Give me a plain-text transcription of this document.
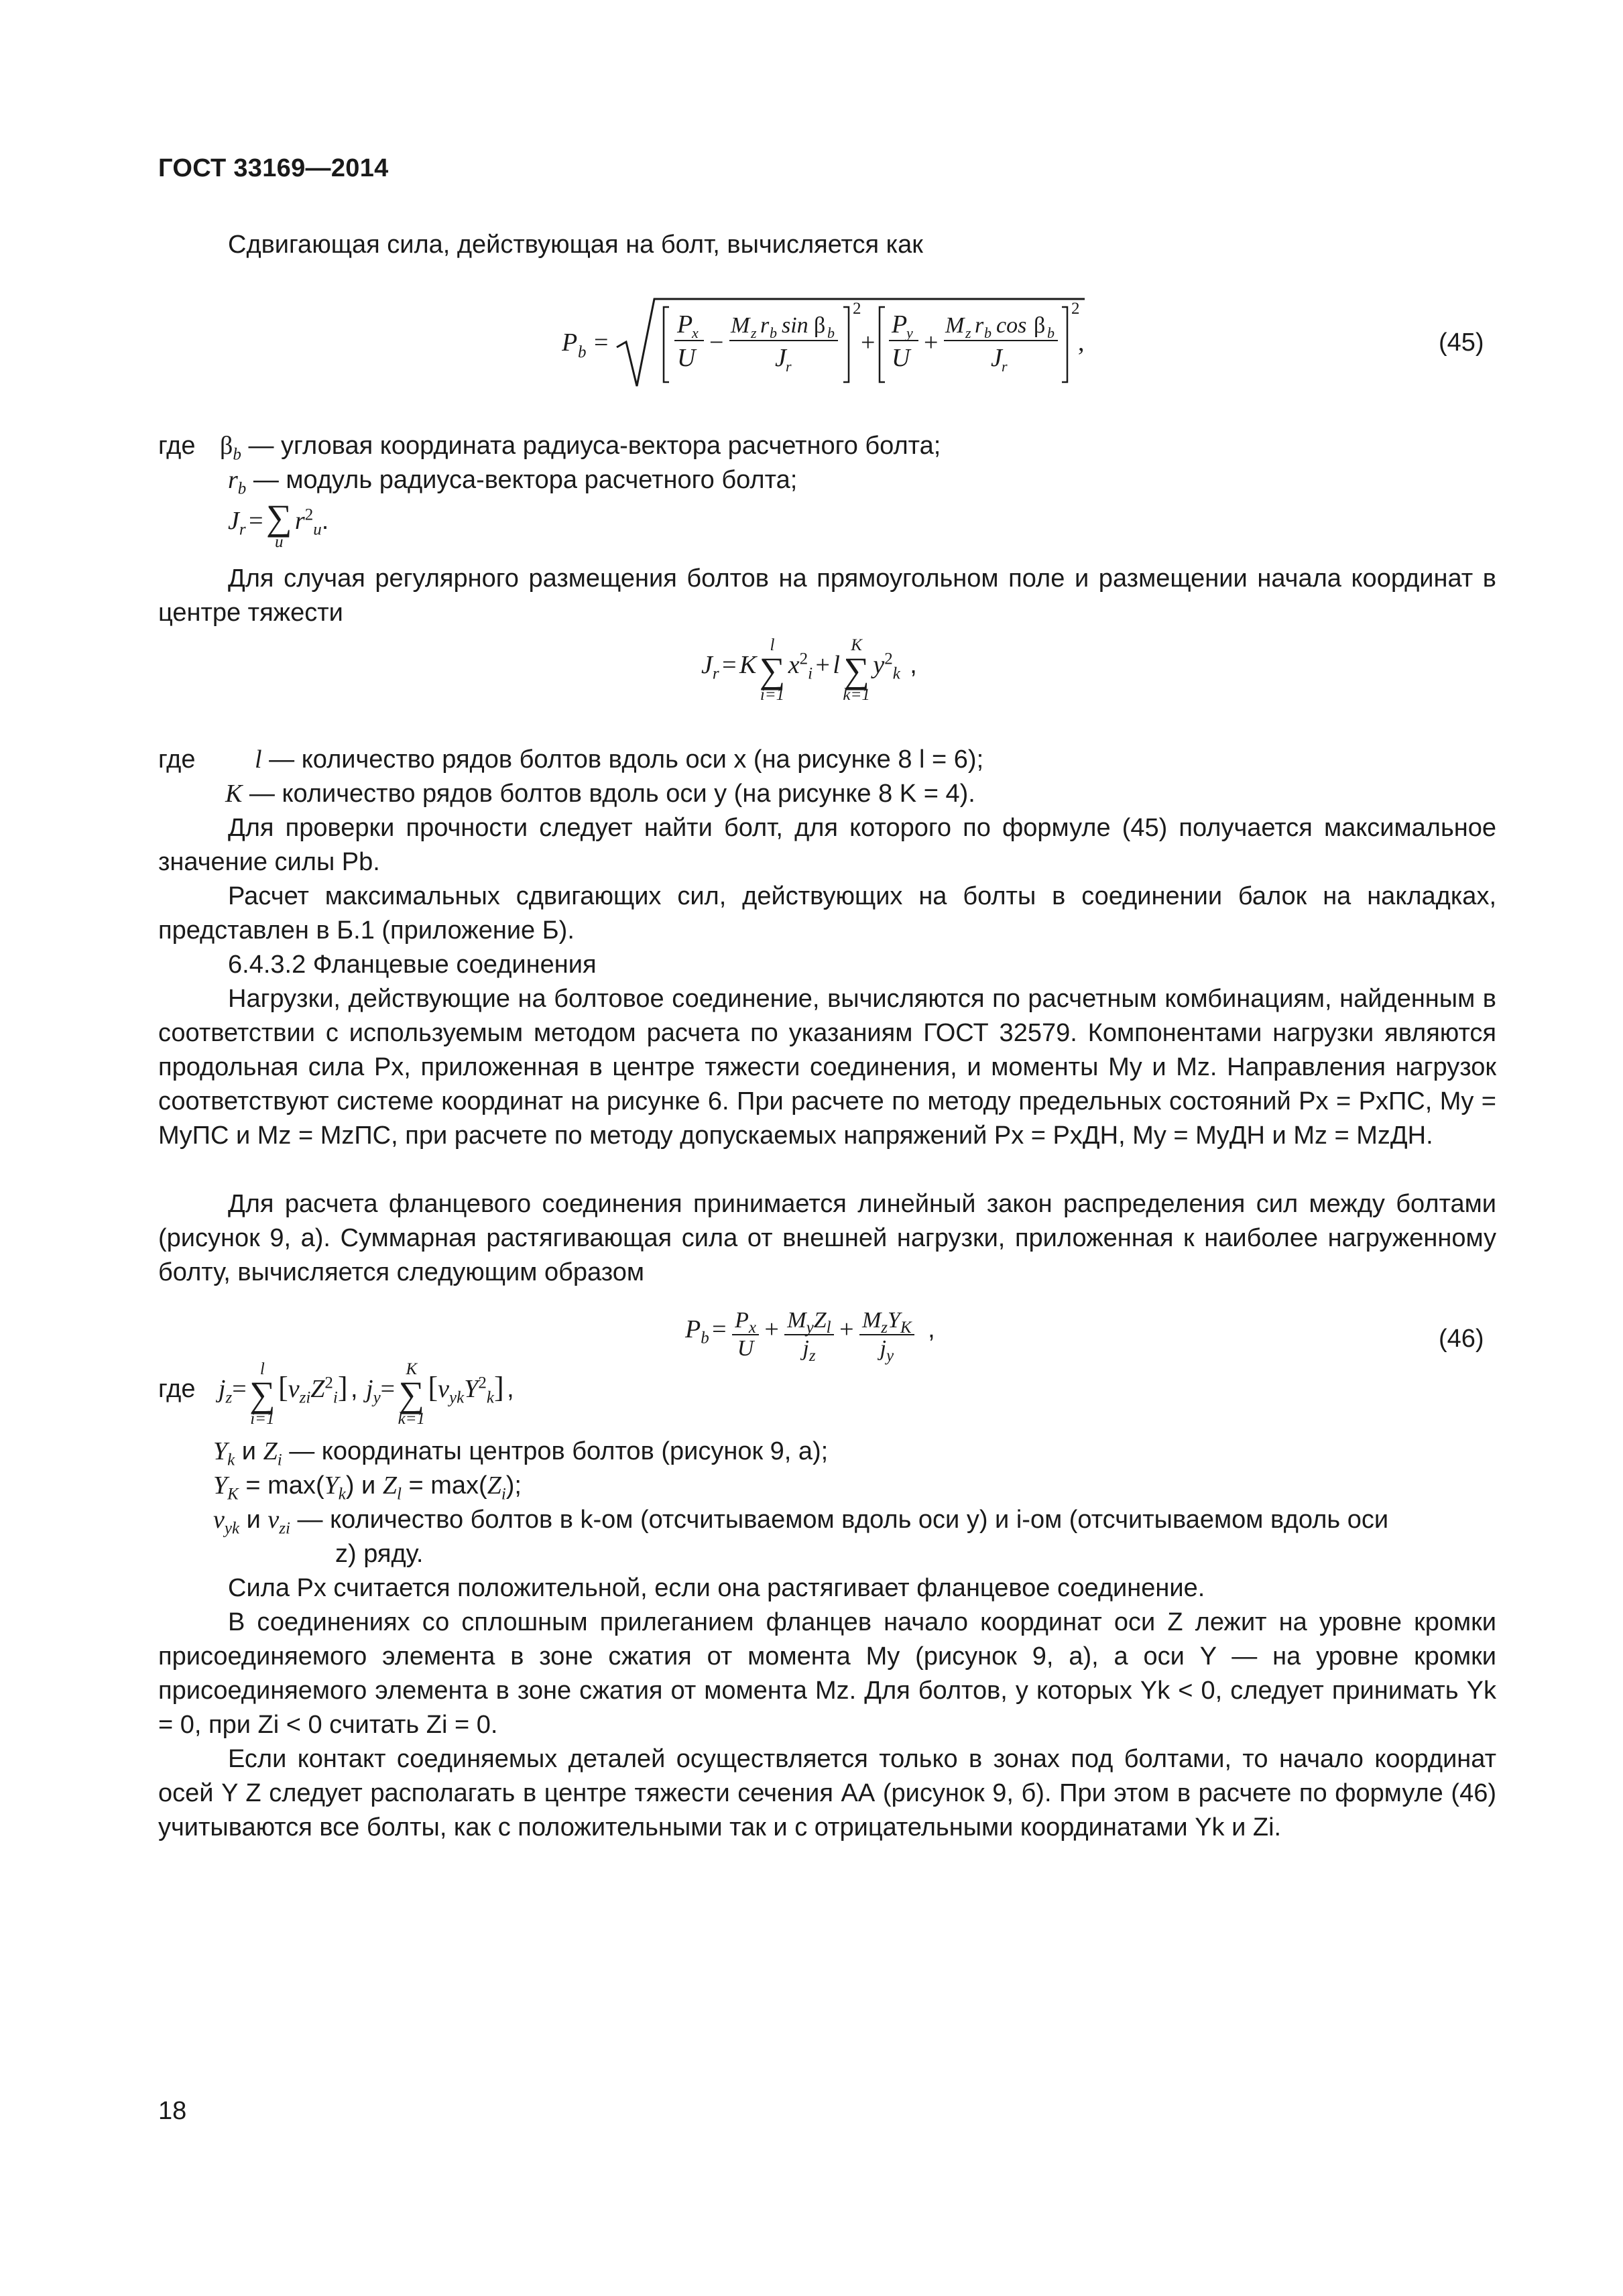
ГОСТ 33169—2014
Сдвигающая сила, действующая на болт, вычисляется как
P b =
P
x
U
−
M z r b sin β b
J r
2
+
P
y
U
+
M z r b cos β b
J r
2
,	(45)
где $\beta_b$ — угловая координата радиуса-вектора расчетного болта;
$r_b$ — модуль радиуса-вектора расчетного болта;
$J_r$ = ∑
u
$r^2_u$.
Для случая регулярного размещения болтов на прямоугольном поле и размещении начала координат в центре тяжести
$J_r = K$
l
∑
i=1
$x^2_i + l$
K
∑
k=1
$y^2_k$ ,
где l — количество рядов болтов вдоль оси x (на рисунке 8 l = 6);
K — количество рядов болтов вдоль оси y (на рисунке 8 K = 4).
Для проверки прочности следует найти болт, для которого по формуле (45) получается максимальное значение силы Pb.
Расчет максимальных сдвигающих сил, действующих на болты в соединении балок на накладках, представлен в Б.1 (приложение Б).
6.4.3.2 Фланцевые соединения
Нагрузки, действующие на болтовое соединение, вычисляются по расчетным комбинациям, найденным в соответствии с используемым методом расчета по указаниям ГОСТ 32579. Компонентами нагрузки являются продольная сила Px, приложенная в центре тяжести соединения, и моменты My и Mz. Направления нагрузок соответствуют системе координат на рисунке 6. При расчете по методу предельных состояний Px = PxПС, My = MyПС и Mz = MzПС, при расчете по методу допускаемых напряжений Px = PxДН, My = MyДН и Mz = MzДН.
Для расчета фланцевого соединения принимается линейный закон распределения сил между болтами (рисунок 9, а). Суммарная растягивающая сила от внешней нагрузки, приложенная к наиболее нагруженному болту, вычисляется следующим образом
$P_b = \frac{P_x}{U} + \frac{M_yZ_l}{j_z} + \frac{M_zY_K}{j_y}$ ,	(46)
где $j_z=$
l
∑
i=1
$[v_{zi}Z^2_i]$ , $j_y=$
K
∑
k=1
$[v_{yk}Y^2_k]$ ,
$Y_k$ и $Z_i$ — координаты центров болтов (рисунок 9, а);
$Y_K = \max(Y_k)$ и $Z_l = \max(Z_i)$;
$v_{yk}$ и $v_{zi}$ — количество болтов в k-ом (отсчитываемом вдоль оси y) и i-ом (отсчитываемом вдоль оси
z) ряду.
Сила Px считается положительной, если она растягивает фланцевое соединение.
В соединениях со сплошным прилеганием фланцев начало координат оси Z лежит на уровне кромки присоединяемого элемента в зоне сжатия от момента My (рисунок 9, а), а оси Y — на уровне кромки присоединяемого элемента в зоне сжатия от момента Mz. Для болтов, у которых Yk < 0, следует принимать Yk = 0, при Zi < 0 считать Zi = 0.
Если контакт соединяемых деталей осуществляется только в зонах под болтами, то начало координат осей Y Z следует располагать в центре тяжести сечения АА (рисунок 9, б). При этом в расчете по формуле (46) учитываются все болты, как с положительными так и с отрицательными координатами Yk и Zi.
18
